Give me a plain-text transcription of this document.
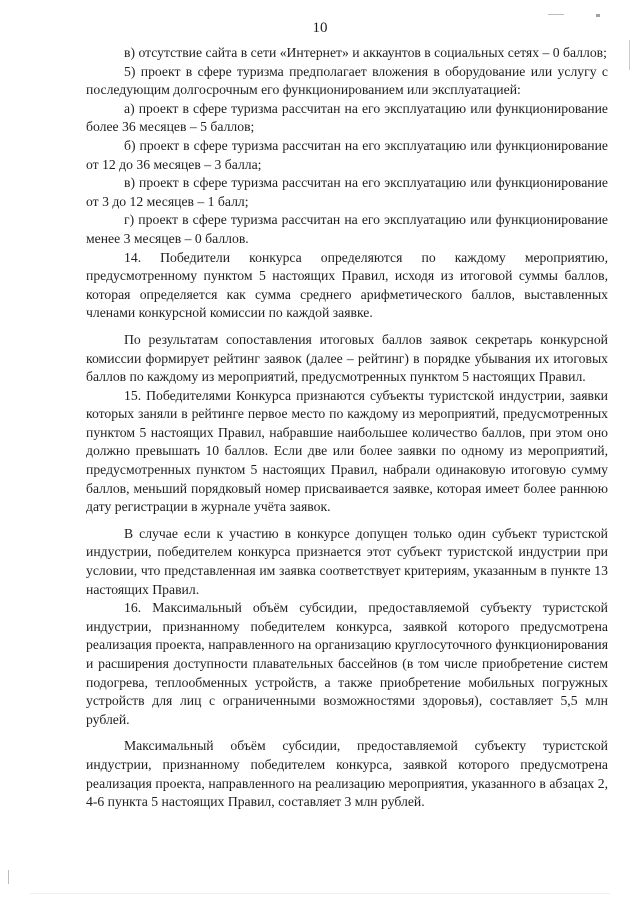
10

в) отсутствие сайта в сети «Интернет» и аккаунтов в социальных сетях – 0 баллов;

5) проект в сфере туризма предполагает вложения в оборудование или услугу с последующим долгосрочным его функционированием или эксплуатацией:

а) проект в сфере туризма рассчитан на его эксплуатацию или функционирование более 36 месяцев – 5 баллов;

б) проект в сфере туризма рассчитан на его эксплуатацию или функционирование от 12 до 36 месяцев – 3 балла;

в) проект в сфере туризма рассчитан на его эксплуатацию или функционирование от 3 до 12 месяцев – 1 балл;

г) проект в сфере туризма рассчитан на его эксплуатацию или функционирование менее 3 месяцев – 0 баллов.

14. Победители конкурса определяются по каждому мероприятию, предусмотренному пунктом 5 настоящих Правил, исходя из итоговой суммы баллов, которая определяется как сумма среднего арифметического баллов, выставленных членами конкурсной комиссии по каждой заявке.

По результатам сопоставления итоговых баллов заявок секретарь конкурсной комиссии формирует рейтинг заявок (далее – рейтинг) в порядке убывания их итоговых баллов по каждому из мероприятий, предусмотренных пунктом 5 настоящих Правил.

15. Победителями Конкурса признаются субъекты туристской индустрии, заявки которых заняли в рейтинге первое место по каждому из мероприятий, предусмотренных пунктом 5 настоящих Правил, набравшие наибольшее количество баллов, при этом оно должно превышать 10 баллов. Если две или более заявки по одному из мероприятий, предусмотренных пунктом 5 настоящих Правил, набрали одинаковую итоговую сумму баллов, меньший порядковый номер присваивается заявке, которая имеет более раннюю дату регистрации в журнале учёта заявок.

В случае если к участию в конкурсе допущен только один субъект туристской индустрии, победителем конкурса признается этот субъект туристской индустрии при условии, что представленная им заявка соответствует критериям, указанным в пункте 13 настоящих Правил.

16. Максимальный объём субсидии, предоставляемой субъекту туристской индустрии, признанному победителем конкурса, заявкой которого предусмотрена реализация проекта, направленного на организацию круглосуточного функционирования и расширения доступности плавательных бассейнов (в том числе приобретение систем подогрева, теплообменных устройств, а также приобретение мобильных погружных устройств для лиц с ограниченными возможностями здоровья), составляет 5,5 млн рублей.

Максимальный объём субсидии, предоставляемой субъекту туристской индустрии, признанному победителем конкурса, заявкой которого предусмотрена реализация проекта, направленного на реализацию мероприятия, указанного в абзацах 2, 4-6 пункта 5 настоящих Правил, составляет 3 млн рублей.
